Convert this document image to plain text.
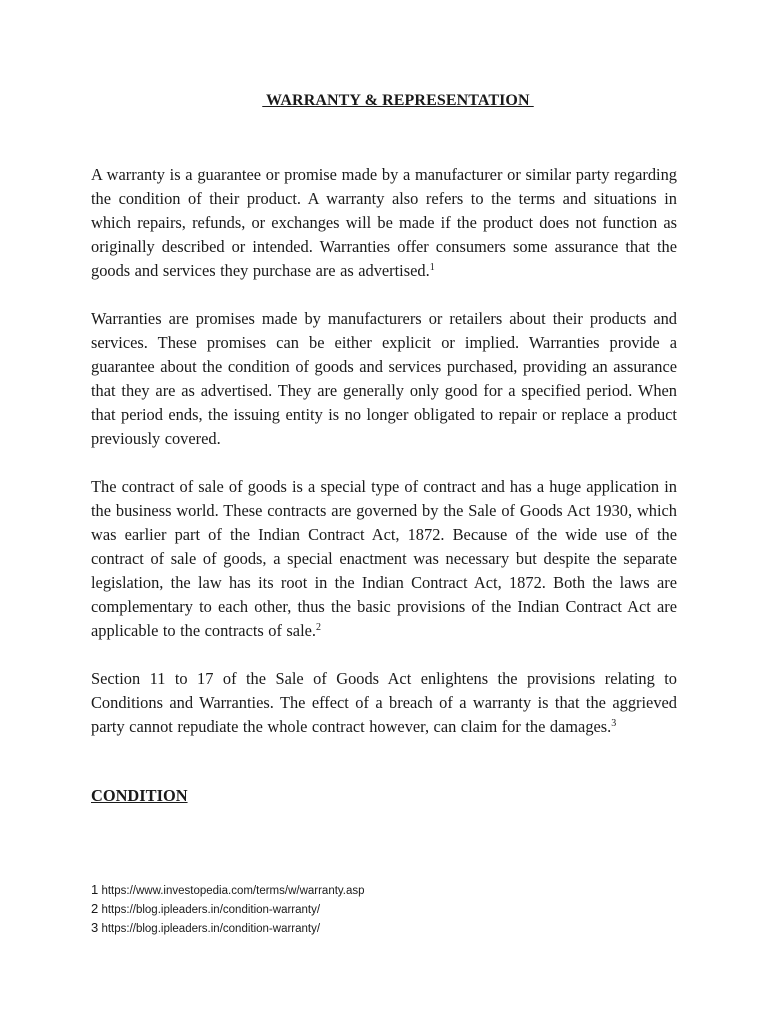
WARRANTY & REPRESENTATION

A warranty is a guarantee or promise made by a manufacturer or similar party regarding the condition of their product. A warranty also refers to the terms and situations in which repairs, refunds, or exchanges will be made if the product does not function as originally described or intended. Warranties offer consumers some assurance that the goods and services they purchase are as advertised.$^1$

Warranties are promises made by manufacturers or retailers about their products and services. These promises can be either explicit or implied. Warranties provide a guarantee about the condition of goods and services purchased, providing an assurance that they are as advertised. They are generally only good for a specified period. When that period ends, the issuing entity is no longer obligated to repair or replace a product previously covered.

The contract of sale of goods is a special type of contract and has a huge application in the business world. These contracts are governed by the Sale of Goods Act 1930, which was earlier part of the Indian Contract Act, 1872. Because of the wide use of the contract of sale of goods, a special enactment was necessary but despite the separate legislation, the law has its root in the Indian Contract Act, 1872. Both the laws are complementary to each other, thus the basic provisions of the Indian Contract Act are applicable to the contracts of sale.$^2$

Section 11 to 17 of the Sale of Goods Act enlightens the provisions relating to Conditions and Warranties. The effect of a breach of a warranty is that the aggrieved party cannot repudiate the whole contract however, can claim for the damages.$^3$

CONDITION
1 https://www.investopedia.com/terms/w/warranty.asp
2 https://blog.ipleaders.in/condition-warranty/
3 https://blog.ipleaders.in/condition-warranty/
